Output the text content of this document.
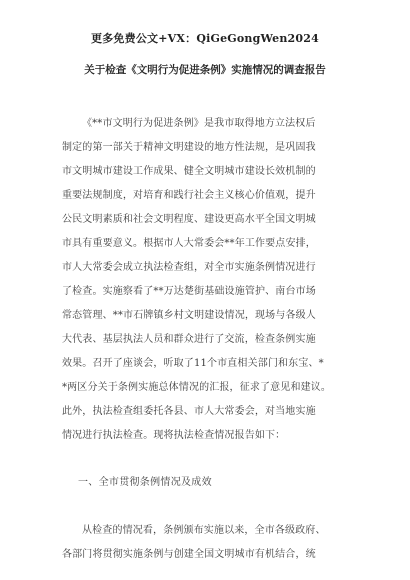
更多免费公文+VX：QiGeGongWen2024
关于检查《文明行为促进条例》实施情况的调查报告
《**市文明行为促进条例》是我市取得地方立法权后
制定的第一部关于精神文明建设的地方性法规，是巩固我
市文明城市建设工作成果、健全文明城市建设长效机制的
重要法规制度，对培育和践行社会主义核心价值观，提升
公民文明素质和社会文明程度、建设更高水平全国文明城
市具有重要意义。根据市人大常委会**年工作要点安排，
市人大常委会成立执法检查组，对全市实施条例情况进行
了检查。实施察看了**万达楚街基础设施管护、南台市场
常态管理、**市石牌镇乡村文明建设情况，现场与各级人
大代表、基层执法人员和群众进行了交流，检查条例实施
效果。召开了座谈会，听取了11个市直相关部门和东宝、*
*两区分关于条例实施总体情况的汇报，征求了意见和建议。
此外，执法检查组委托各县、市人大常委会，对当地实施
情况进行执法检查。现将执法检查情况报告如下：
一、全市贯彻条例情况及成效
从检查的情况看，条例颁布实施以来，全市各级政府、
各部门将贯彻实施条例与创建全国文明城市有机结合，统
